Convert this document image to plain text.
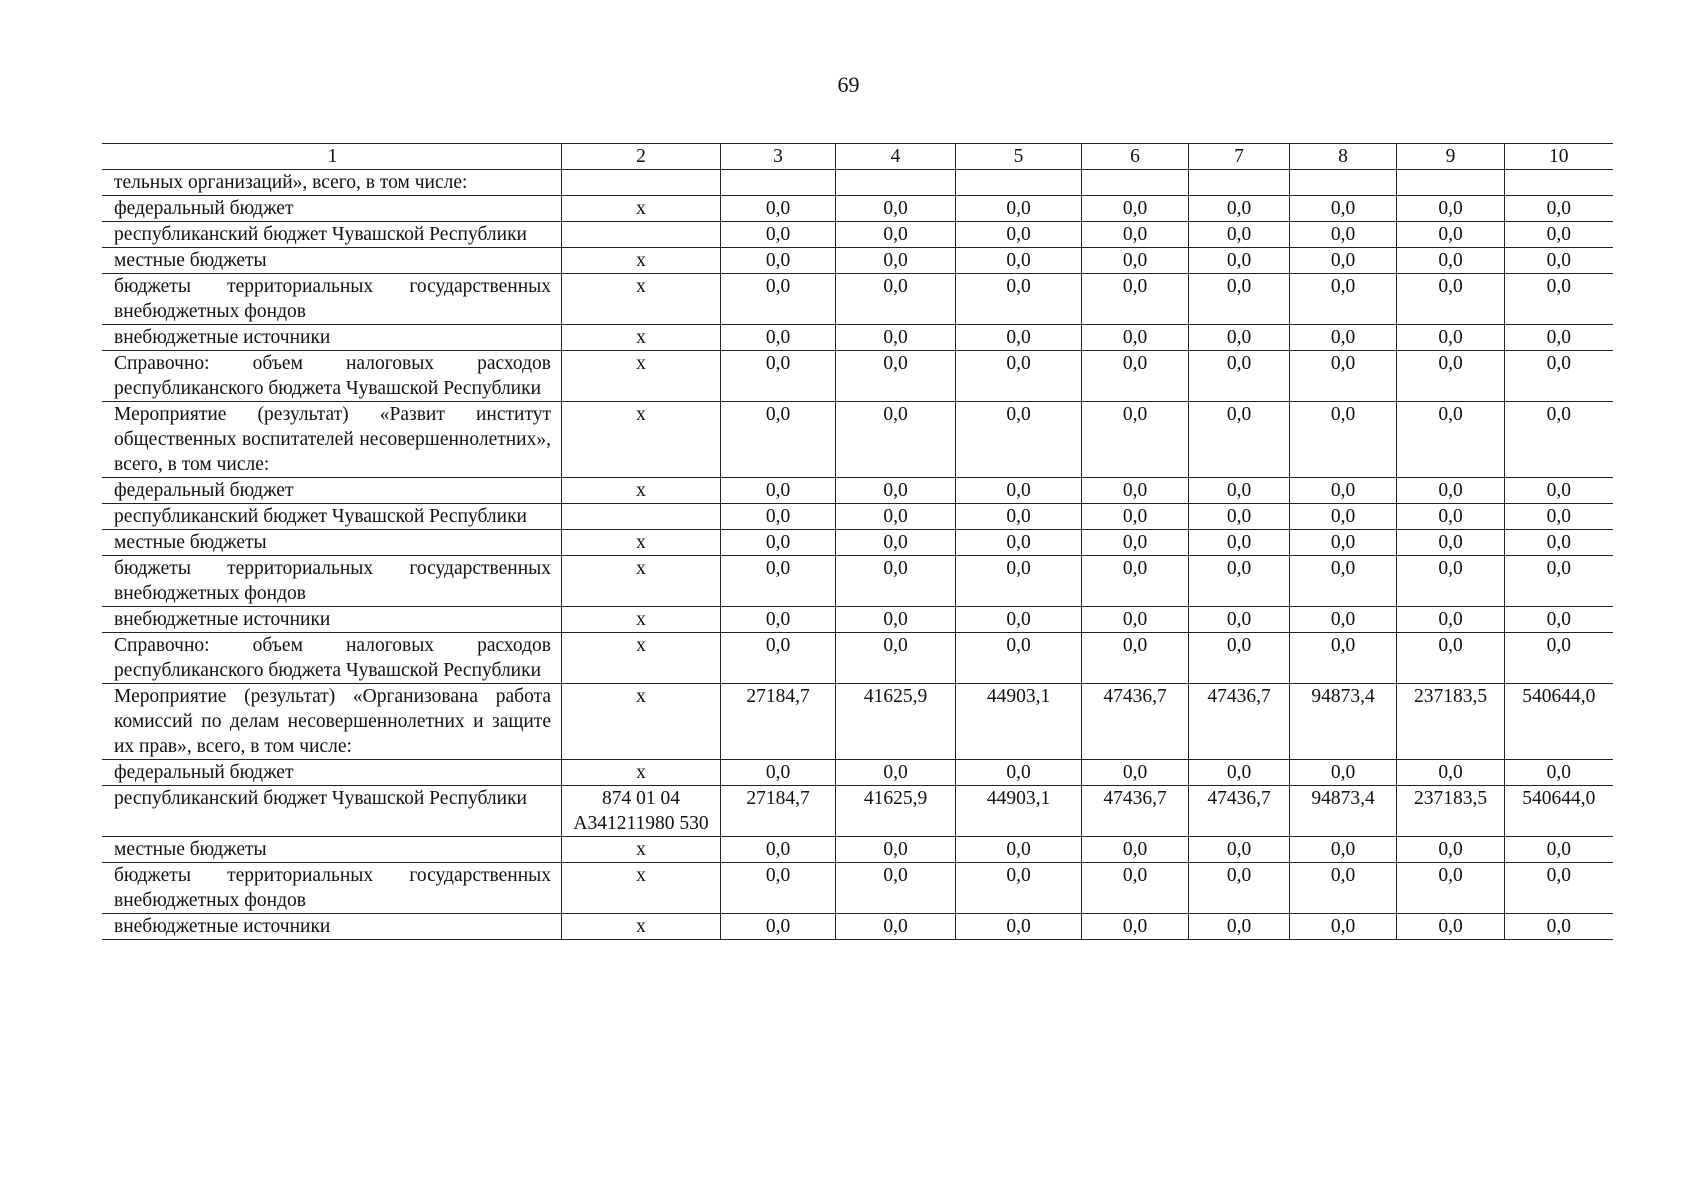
69
1	2	3	4	5	6	7	8	9	10
тельных организаций», всего, в том числе:									
федеральный бюджет	х	0,0	0,0	0,0	0,0	0,0	0,0	0,0	0,0
республиканский бюджет Чувашской Республики		0,0	0,0	0,0	0,0	0,0	0,0	0,0	0,0
местные бюджеты	х	0,0	0,0	0,0	0,0	0,0	0,0	0,0	0,0
бюджеты территориальных государственных внебюджетных фондов	х	0,0	0,0	0,0	0,0	0,0	0,0	0,0	0,0
внебюджетные источники	х	0,0	0,0	0,0	0,0	0,0	0,0	0,0	0,0
Справочно: объем налоговых расходов республиканского бюджета Чувашской Республики	х	0,0	0,0	0,0	0,0	0,0	0,0	0,0	0,0
Мероприятие (результат) «Развит институт общественных воспитателей несовершеннолетних», всего, в том числе:	х	0,0	0,0	0,0	0,0	0,0	0,0	0,0	0,0
федеральный бюджет	х	0,0	0,0	0,0	0,0	0,0	0,0	0,0	0,0
республиканский бюджет Чувашской Республики		0,0	0,0	0,0	0,0	0,0	0,0	0,0	0,0
местные бюджеты	х	0,0	0,0	0,0	0,0	0,0	0,0	0,0	0,0
бюджеты территориальных государственных внебюджетных фондов	х	0,0	0,0	0,0	0,0	0,0	0,0	0,0	0,0
внебюджетные источники	х	0,0	0,0	0,0	0,0	0,0	0,0	0,0	0,0
Справочно: объем налоговых расходов республиканского бюджета Чувашской Республики	х	0,0	0,0	0,0	0,0	0,0	0,0	0,0	0,0
Мероприятие (результат) «Организована работа комиссий по делам несовершеннолетних и защите их прав», всего, в том числе:	х	27184,7	41625,9	44903,1	47436,7	47436,7	94873,4	237183,5	540644,0
федеральный бюджет	х	0,0	0,0	0,0	0,0	0,0	0,0	0,0	0,0
республиканский бюджет Чувашской Республики	874 01 04 А341211980 530	27184,7	41625,9	44903,1	47436,7	47436,7	94873,4	237183,5	540644,0
местные бюджеты	х	0,0	0,0	0,0	0,0	0,0	0,0	0,0	0,0
бюджеты территориальных государственных внебюджетных фондов	х	0,0	0,0	0,0	0,0	0,0	0,0	0,0	0,0
внебюджетные источники	х	0,0	0,0	0,0	0,0	0,0	0,0	0,0	0,0
